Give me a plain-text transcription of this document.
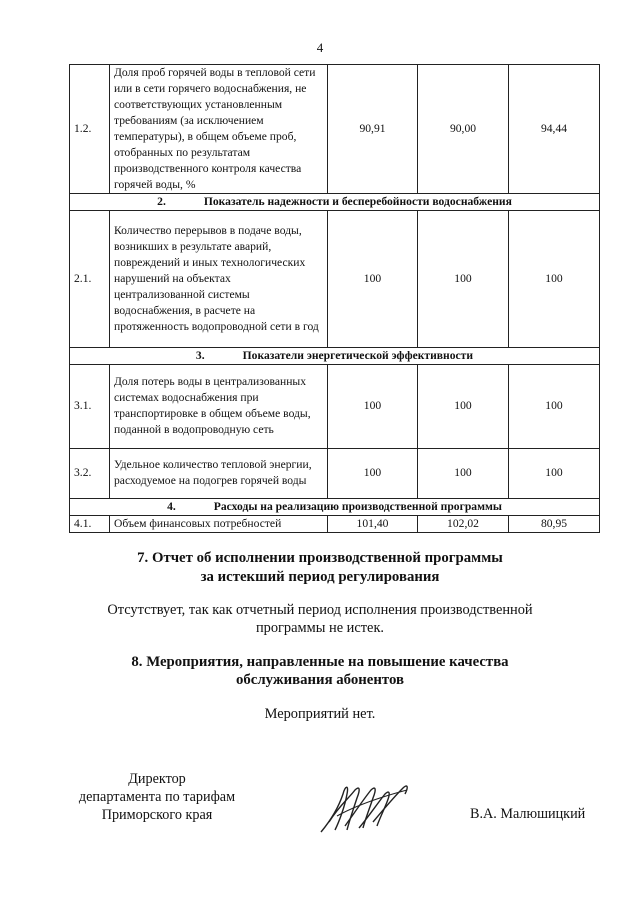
4
1.2.	Доля проб горячей воды в тепловой сети или в сети горячего водоснабжения, не соответствующих установленным требованиям (за исключением температуры), в общем объеме проб, отобранных по результатам производственного контроля качества горячей воды, %	90,91	90,00	94,44
2. Показатель надежности и бесперебойности водоснабжения				
2.1.	Количество перерывов в подаче воды, возникших в результате аварий, повреждений и иных технологических нарушений на объектах централизованной системы водоснабжения, в расчете на протяженность водопроводной сети в год	100	100	100
3. Показатели энергетической эффективности				
3.1.	Доля потерь воды в централизованных системах водоснабжения при транспортировке в общем объеме воды, поданной в водопроводную сеть	100	100	100
3.2.	Удельное количество тепловой энергии, расходуемое на подогрев горячей воды	100	100	100
4. Расходы на реализацию производственной программы				
4.1.	Объем финансовых потребностей	101,40	102,02	80,95
7. Отчет об исполнении производственной программы
за истекший период регулирования
Отсутствует, так как отчетный период исполнения производственной
программы не истек.
8. Мероприятия, направленные на повышение качества
обслуживания абонентов
Мероприятий нет.
Директор
департамента по тарифам
Приморского края	В.А. Малюшицкий
